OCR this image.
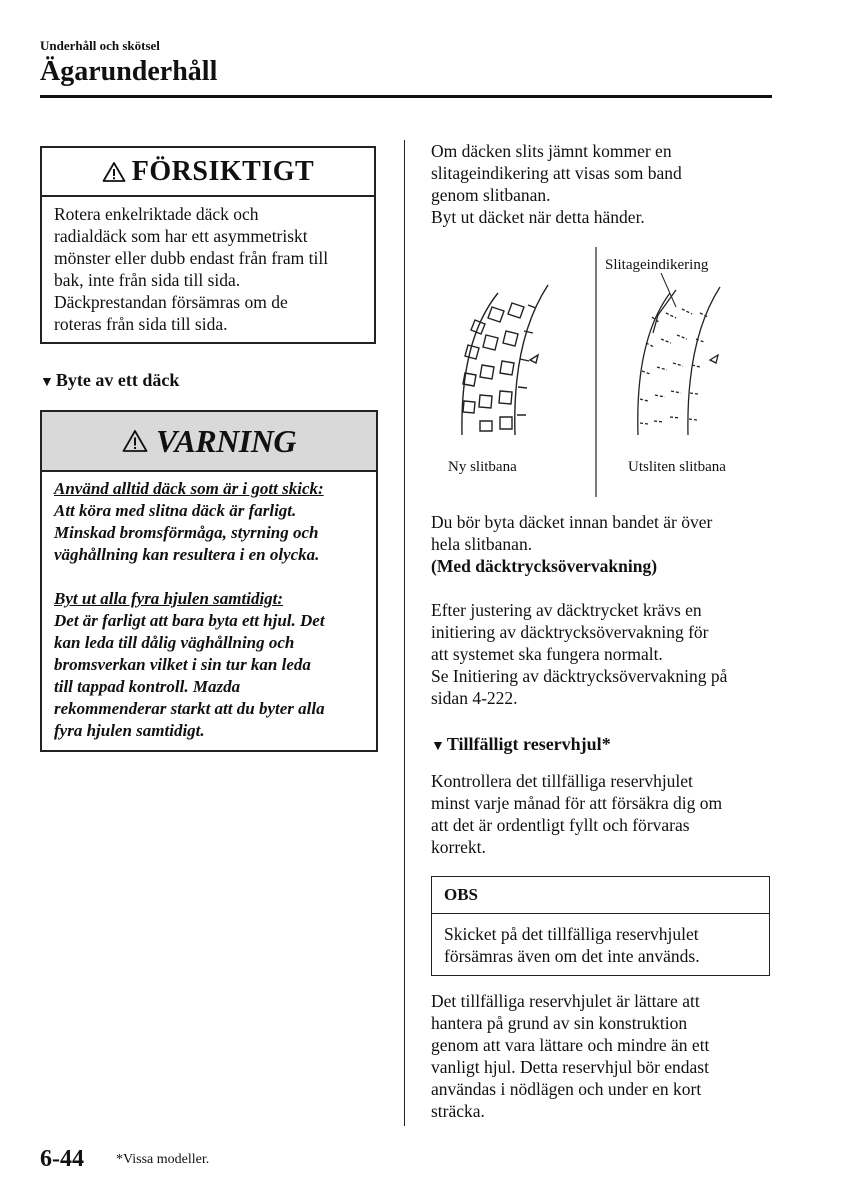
Underhåll och skötsel
Ägarunderhåll
FÖRSIKTIGT
Rotera enkelriktade däck och
radialdäck som har ett asymmetriskt
mönster eller dubb endast från fram till
bak, inte från sida till sida.
Däckprestandan försämras om de
roteras från sida till sida.
▼ Byte av ett däck
VARNING
Använd alltid däck som är i gott skick:
Att köra med slitna däck är farligt.
Minskad bromsförmåga, styrning och
väghållning kan resultera i en olycka.
Byt ut alla fyra hjulen samtidigt:
Det är farligt att bara byta ett hjul. Det
kan leda till dålig väghållning och
bromsverkan vilket i sin tur kan leda
till tappad kontroll. Mazda
rekommenderar starkt att du byter alla
fyra hjulen samtidigt.
Om däcken slits jämnt kommer en
slitageindikering att visas som band
genom slitbanan.
Byt ut däcket när detta händer.
Slitageindikering
Ny slitbana	Utsliten slitbana
Du bör byta däcket innan bandet är över
hela slitbanan.
(Med däcktrycksövervakning)
Efter justering av däcktrycket krävs en
initiering av däcktrycksövervakning för
att systemet ska fungera normalt.
Se Initiering av däcktrycksövervakning på
sidan 4-222.
▼ Tillfälligt reservhjul*
Kontrollera det tillfälliga reservhjulet
minst varje månad för att försäkra dig om
att det är ordentligt fyllt och förvaras
korrekt.
OBS
Skicket på det tillfälliga reservhjulet
försämras även om det inte används.
Det tillfälliga reservhjulet är lättare att
hantera på grund av sin konstruktion
genom att vara lättare och mindre än ett
vanligt hjul. Detta reservhjul bör endast
användas i nödlägen och under en kort
sträcka.
6-44 *Vissa modeller.
